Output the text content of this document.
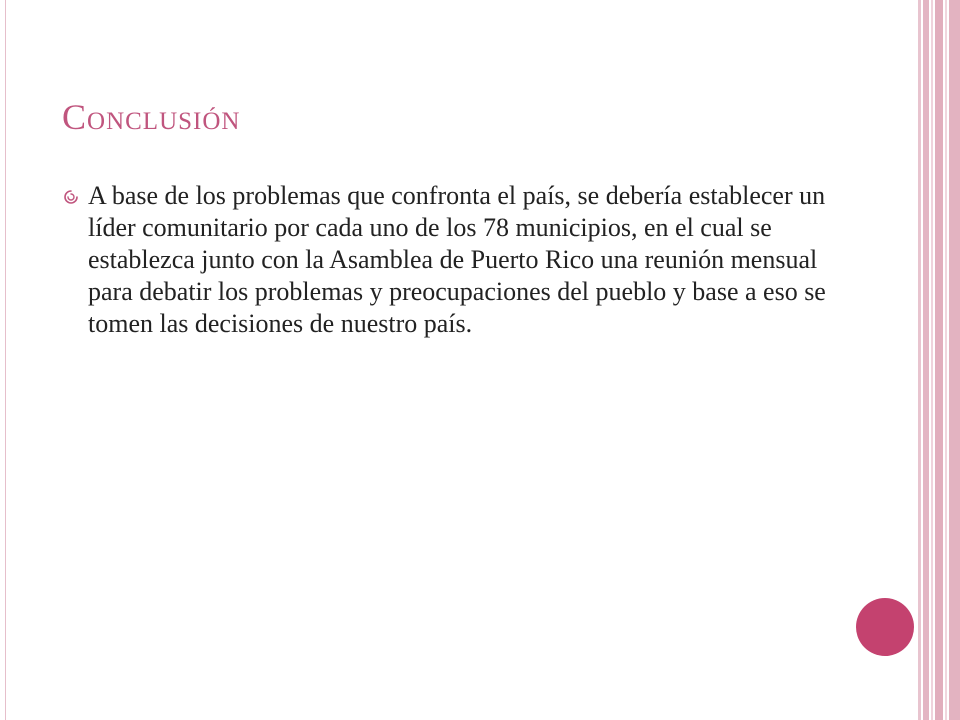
Conclusión
A base de los problemas que confronta el país, se debería establecer un líder comunitario por cada uno de los 78 municipios, en el cual se establezca junto con la Asamblea de Puerto Rico una reunión mensual para debatir los problemas y preocupaciones del pueblo y base a eso se tomen las decisiones de nuestro país.
